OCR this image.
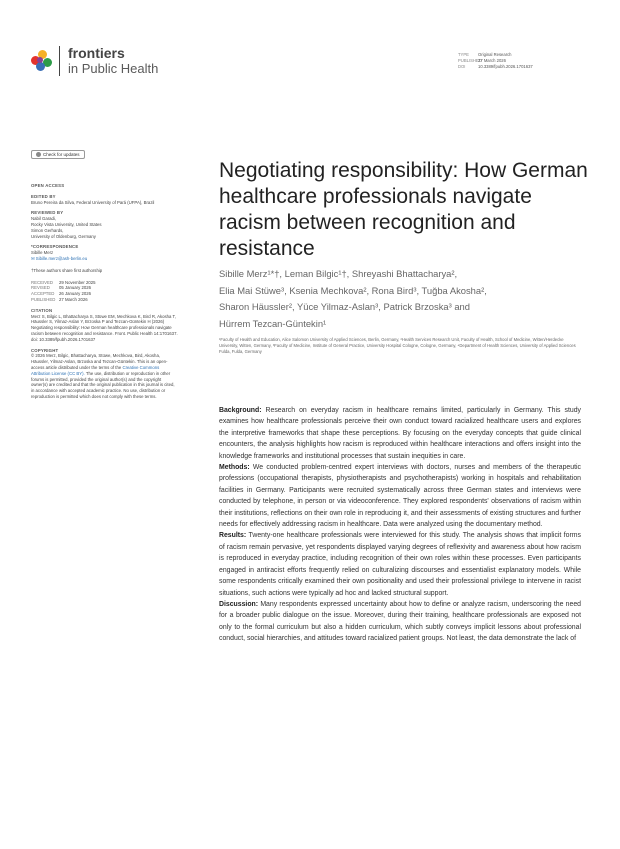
frontiers
in Public Health
TYPE Original Research
PUBLISHED27 March 2026
DOI	10.3389/fpubh.2026.1701637
Check for updates
OPEN ACCESS
EDITED BY
Bruno Pereira da Silva, Federal University of Pará (UFPA), Brazil
REVIEWED BY
Nabil Garadi,
Rocky Vista University, United States
Simon Gerhards,
University of Oldenburg, Germany
*CORRESPONDENCE
Sibille Merz
✉ Sibille.merz@ash-berlin.eu
†These authors share first authorship
RECEIVED 29 November 2025
REVISED 05 January 2026
ACCEPTED 26 January 2026
PUBLISHED 27 March 2026
CITATION
Merz S, Bilgic L, Bhattacharya S, Stüwe EM, Mechkova K, Bird R, Akosha T, Häussler S, Yilmaz-Aslan Y, Brzoska P and Tezcan-Güntekin H (2026) Negotiating responsibility: How German healthcare professionals navigate racism between recognition and resistance. Front. Public Health 14:1701637. doi: 10.3389/fpubh.2026.1701637
COPYRIGHT
© 2026 Merz, Bilgic, Bhattacharya, Stüwe, Mechkova, Bird, Akosha, Häussler, Yilmaz-Aslan, Brzoska and Tezcan-Güntekin. This is an open-access article distributed under the terms of the Creative Commons Attribution License (CC BY). The use, distribution or reproduction in other forums is permitted, provided the original author(s) and the copyright owner(s) are credited and that the original publication in this journal is cited, in accordance with accepted academic practice. No use, distribution or reproduction is permitted which does not comply with these terms.
Negotiating responsibility: How German healthcare professionals navigate racism between recognition and resistance
Sibille Merz¹*†, Leman Bilgic¹†, Shreyashi Bhattacharya²,
Elia Mai Stüwe³, Ksenia Mechkova², Rona Bird³, Tuğba Akosha²,
Sharon Häussler², Yüce Yilmaz-Aslan³, Patrick Brzoska³ and
Hürrem Tezcan-Güntekin¹
¹Faculty of Health and Education, Alice Salomon University of Applied Sciences, Berlin, Germany, ²Health Services Research Unit, Faculty of Health, School of Medicine, Witten/Herdecke University, Witten, Germany, ³Faculty of Medicine, Institute of General Practice, University Hospital Cologne, Cologne, Germany, ⁴Department of Health Sciences, University of Applied Sciences Fulda, Fulda, Germany

Background: Research on everyday racism in healthcare remains limited, particularly in Germany. This study examines how healthcare professionals perceive their own conduct toward racialized healthcare users and explores the interpretive frameworks that shape these perceptions. By focusing on the everyday concepts that guide clinical encounters, the analysis highlights how racism is reproduced within healthcare interactions and offers insight into the knowledge frameworks and institutional processes that sustain inequities in care.

Methods: We conducted problem-centred expert interviews with doctors, nurses and members of the therapeutic professions (occupational therapists, physiotherapists and psychotherapists) working in hospitals and rehabilitation facilities in Germany. Participants were recruited systematically across three German states and interviews were conducted by telephone, in person or via videoconference. They explored respondents' observations of racism within their institutions, reflections on their own role in reproducing it, and their assessments of existing structures and further needs for effectively addressing racism in healthcare. Data were analyzed using the documentary method.

Results: Twenty-one healthcare professionals were interviewed for this study. The analysis shows that implicit forms of racism remain pervasive, yet respondents displayed varying degrees of reflexivity and awareness about how racism is reproduced in everyday practice, including recognition of their own roles within these processes. Even participants engaged in antiracist efforts frequently relied on culturalizing discourses and essentialist explanatory models. While some respondents critically examined their own positionality and used their professional privilege to intervene in racist situations, such actions were typically ad hoc and lacked structural support.

Discussion: Many respondents expressed uncertainty about how to define or analyze racism, underscoring the need for a broader public dialogue on the issue. Moreover, during their training, healthcare professionals are exposed not only to the formal curriculum but also a hidden curriculum, which subtly conveys implicit lessons about professional conduct, social hierarchies, and attitudes toward racialized patient groups. Not least, the data demonstrate the lack of
